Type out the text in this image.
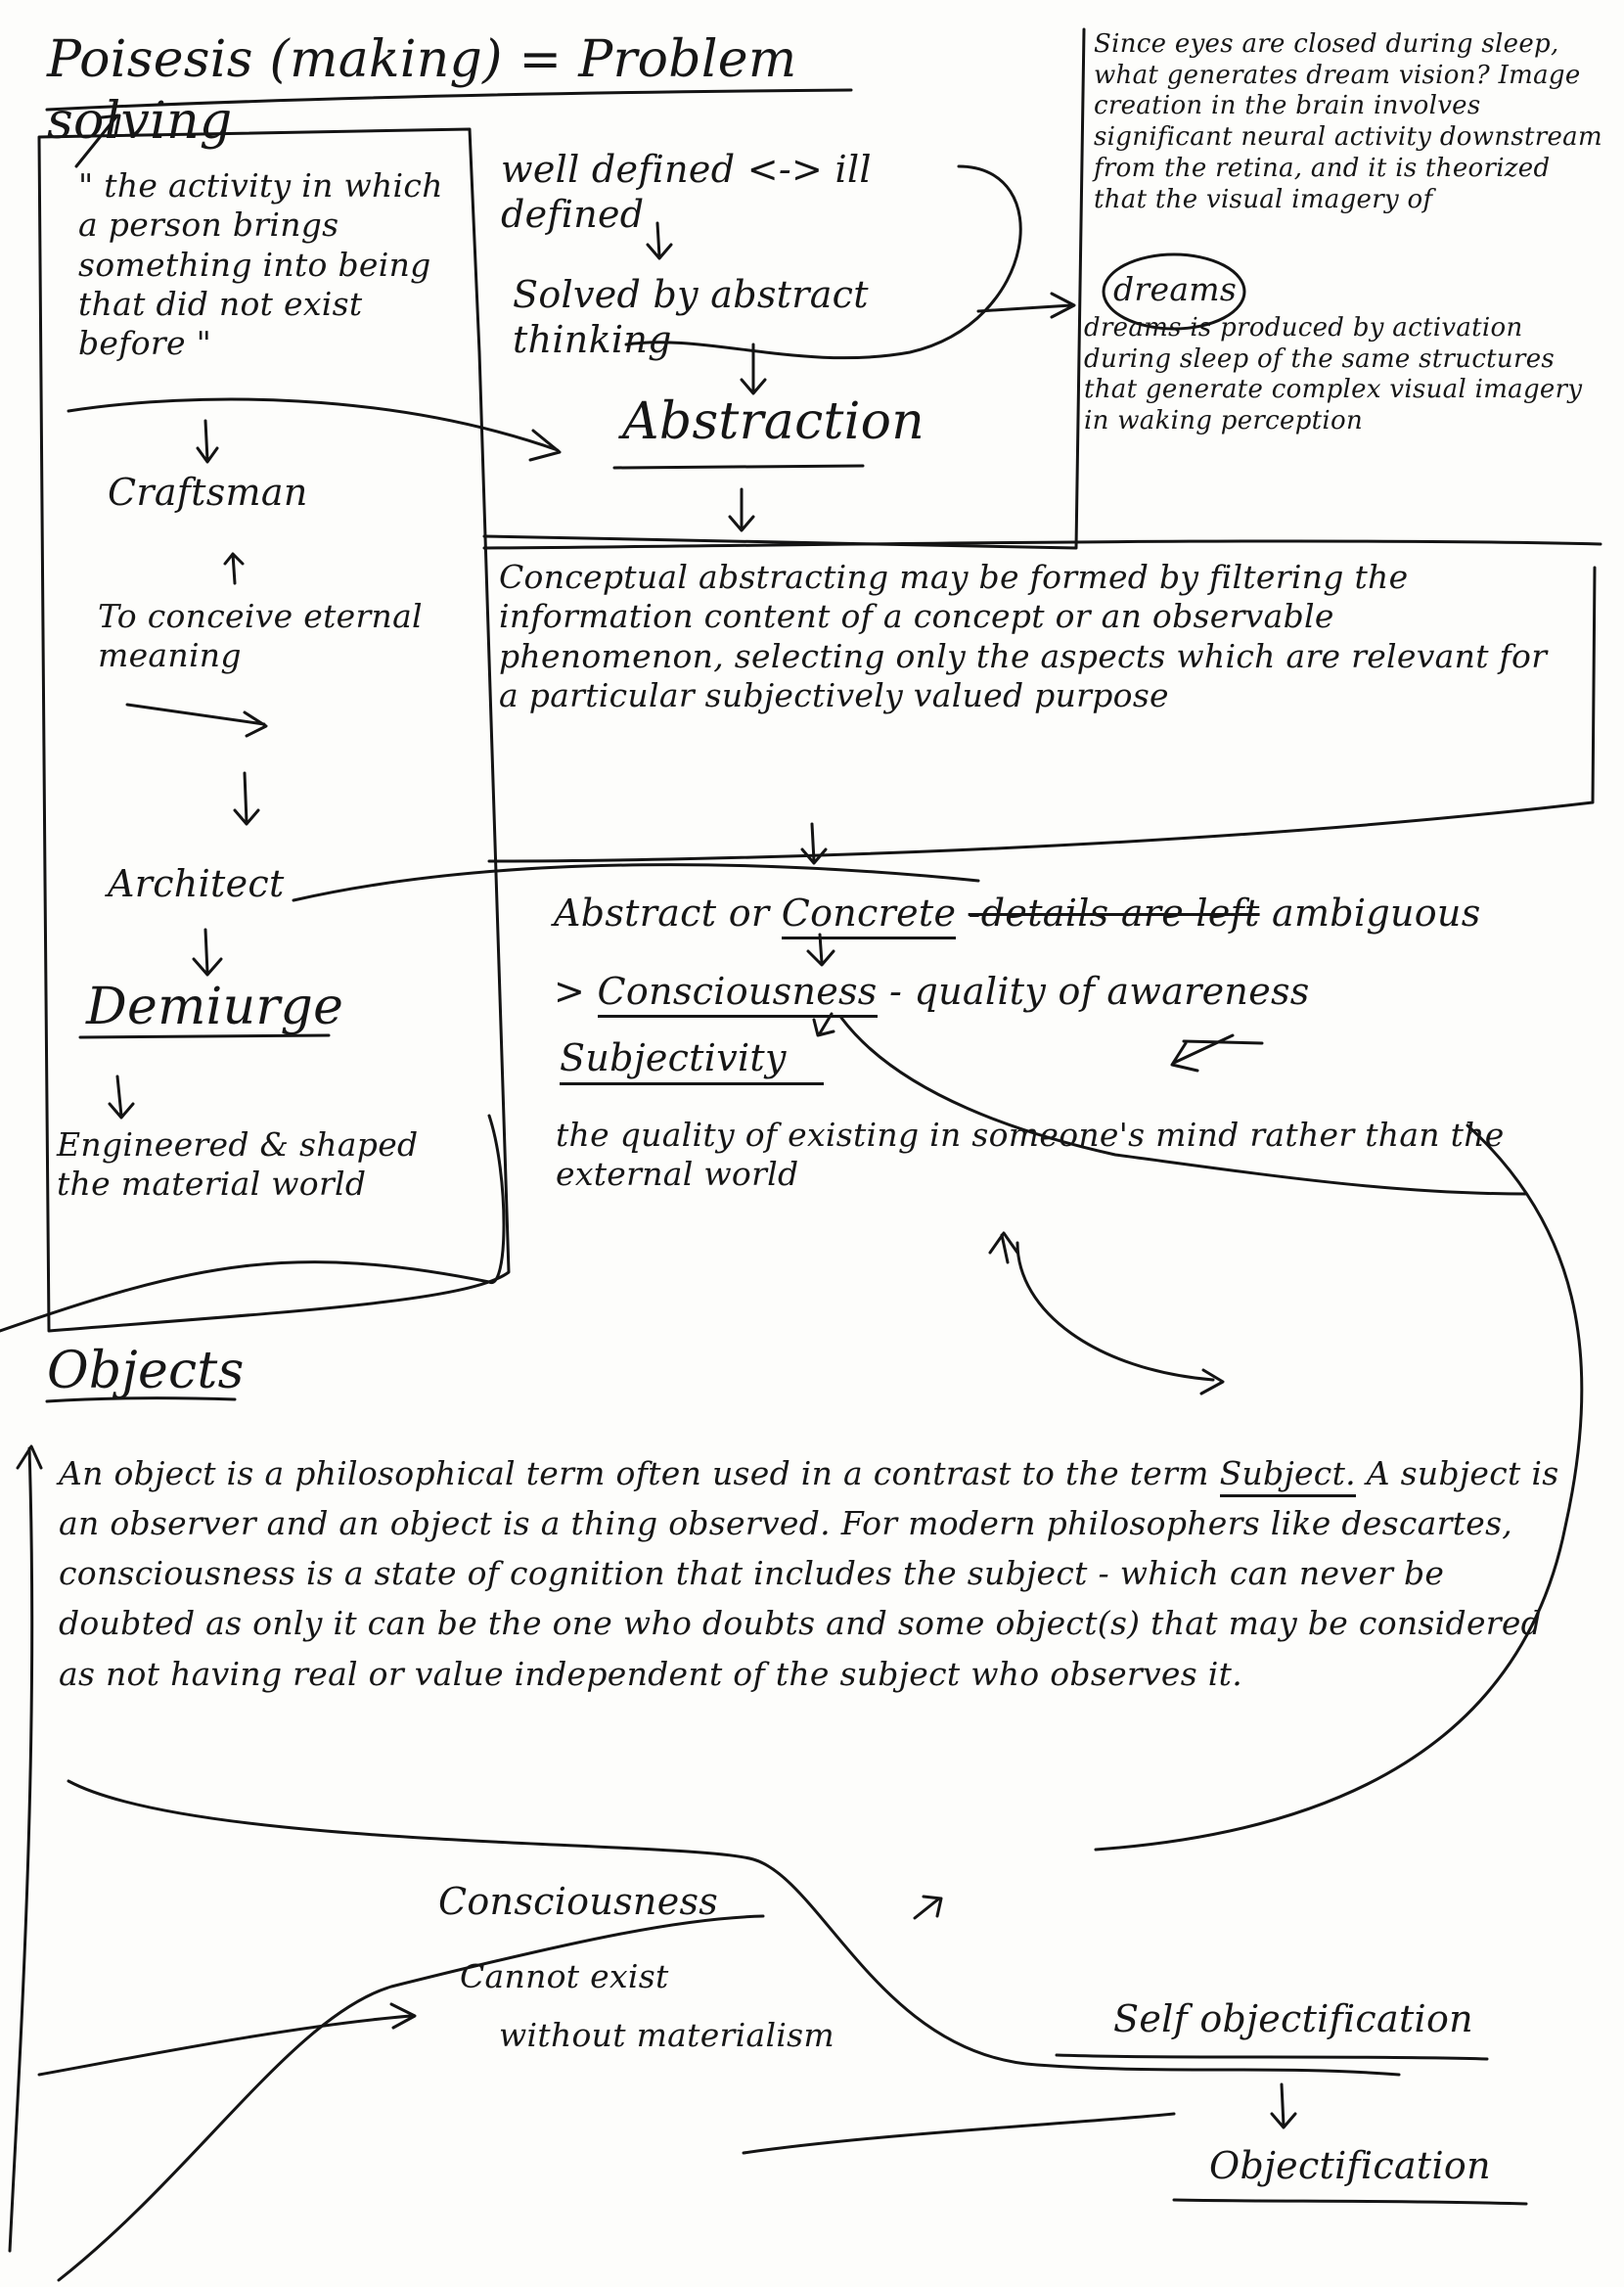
Poisesis (making) = Problem solving
" the activity in which a person brings something into being that did not exist before "
Craftsman
To conceive eternal meaning
Architect
Demiurge
Engineered & shaped the material world
well defined <-> ill defined
Solved by abstract thinking
Abstraction
Since eyes are closed during sleep, what generates dream vision? Image creation in the brain involves significant neural activity downstream from the retina, and it is theorized that the visual imagery of
dreams
dreams is produced by activation during sleep of the same structures that generate complex visual imagery in waking perception
Conceptual abstracting may be formed by filtering the information content of a concept or an observable phenomenon, selecting only the aspects which are relevant for a particular subjectively valued purpose
Abstract or Concrete -details are left ambiguous
> Consciousness - quality of awareness
Subjectivity
the quality of existing in someone's mind rather than the external world
Objects
An object is a philosophical term often used in a contrast to the term Subject. A subject is an observer and an object is a thing observed. For modern philosophers like descartes, consciousness is a state of cognition that includes the subject - which can never be doubted as only it can be the one who doubts and some object(s) that may be considered as not having real or value independent of the subject who observes it.
Consciousness
Cannot exist
without materialism	Self objectification
Objectification
